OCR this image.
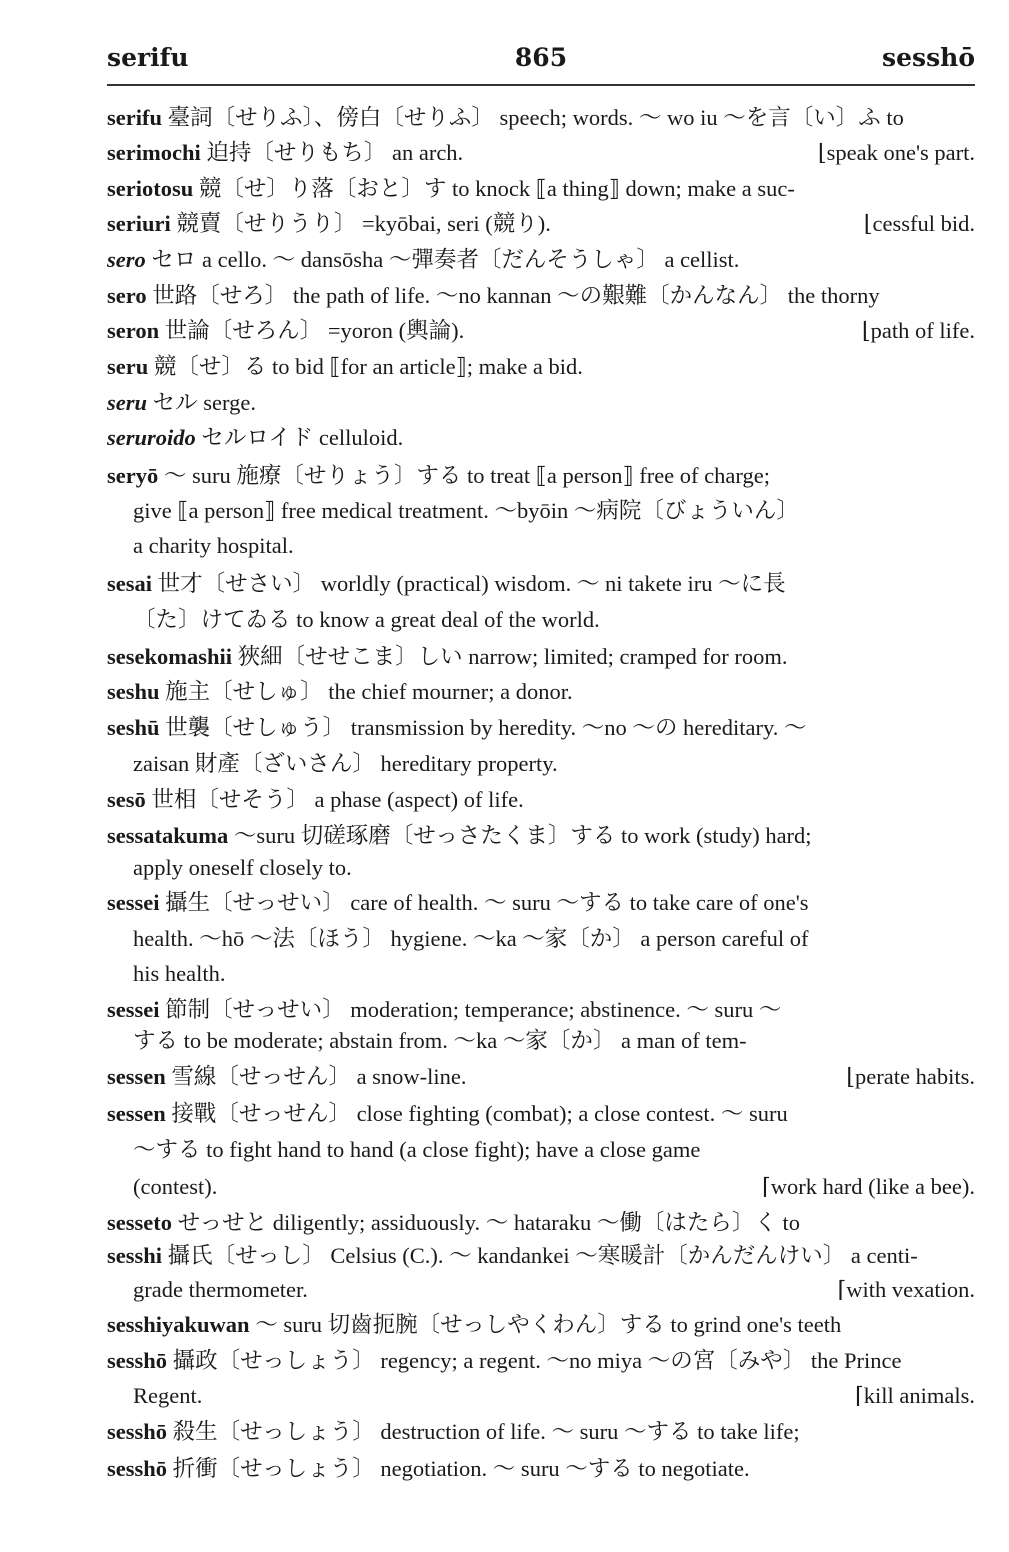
serifu	865	sesshō
serifu 臺詞〔せりふ〕、傍白〔せりふ〕 speech; words. ～ wo iu ～を言〔い〕ふ to
serimochi 迫持〔せりもち〕 an arch.	⌊speak one's part.
seriotosu 競〔せ〕り落〔おと〕す to knock ⟦a thing⟧ down; make a suc-
seriuri 競賣〔せりうり〕 =kyōbai, seri (競り).	⌊cessful bid.
sero セロ a cello. ～ dansōsha ～彈奏者〔だんそうしゃ〕 a cellist.
sero 世路〔せろ〕 the path of life. ～no kannan ～の艱難〔かんなん〕 the thorny
seron 世論〔せろん〕 =yoron (輿論).	⌊path of life.
seru 競〔せ〕る to bid ⟦for an article⟧; make a bid.
seru セル serge.
seruroido セルロイド celluloid.
seryō ～ suru 施療〔せりょう〕する to treat ⟦a person⟧ free of charge;
give ⟦a person⟧ free medical treatment. ～byōin ～病院〔びょういん〕
a charity hospital.
sesai 世才〔せさい〕 worldly (practical) wisdom. ～ ni takete iru ～に長
〔た〕けてゐる to know a great deal of the world.
sesekomashii 狹細〔せせこま〕しい narrow; limited; cramped for room.
seshu 施主〔せしゅ〕 the chief mourner; a donor.
seshū 世襲〔せしゅう〕 transmission by heredity. ～no ～の hereditary. ～
zaisan 財產〔ざいさん〕 hereditary property.
sesō 世相〔せそう〕 a phase (aspect) of life.
sessatakuma ～suru 切磋琢磨〔せっさたくま〕する to work (study) hard;
apply oneself closely to.
sessei 攝生〔せっせい〕 care of health. ～ suru ～する to take care of one's
health. ～hō ～法〔ほう〕 hygiene. ～ka ～家〔か〕 a person careful of
his health.
sessei 節制〔せっせい〕 moderation; temperance; abstinence. ～ suru ～
する to be moderate; abstain from. ～ka ～家〔か〕 a man of tem-
sessen 雪線〔せっせん〕 a snow-line.	⌊perate habits.
sessen 接戰〔せっせん〕 close fighting (combat); a close contest. ～ suru
～する to fight hand to hand (a close fight); have a close game
(contest).	⌈work hard (like a bee).
sesseto せっせと diligently; assiduously. ～ hataraku ～働〔はたら〕く to
sesshi 攝氏〔せっし〕 Celsius (C.). ～ kandankei ～寒暖計〔かんだんけい〕 a centi-
grade thermometer.	⌈with vexation.
sesshiyakuwan ～ suru 切齒扼腕〔せっしやくわん〕する to grind one's teeth
sesshō 攝政〔せっしょう〕 regency; a regent. ～no miya ～の宮〔みや〕 the Prince
Regent.	⌈kill animals.
sesshō 殺生〔せっしょう〕 destruction of life. ～ suru ～する to take life;
sesshō 折衝〔せっしょう〕 negotiation. ～ suru ～する to negotiate.
